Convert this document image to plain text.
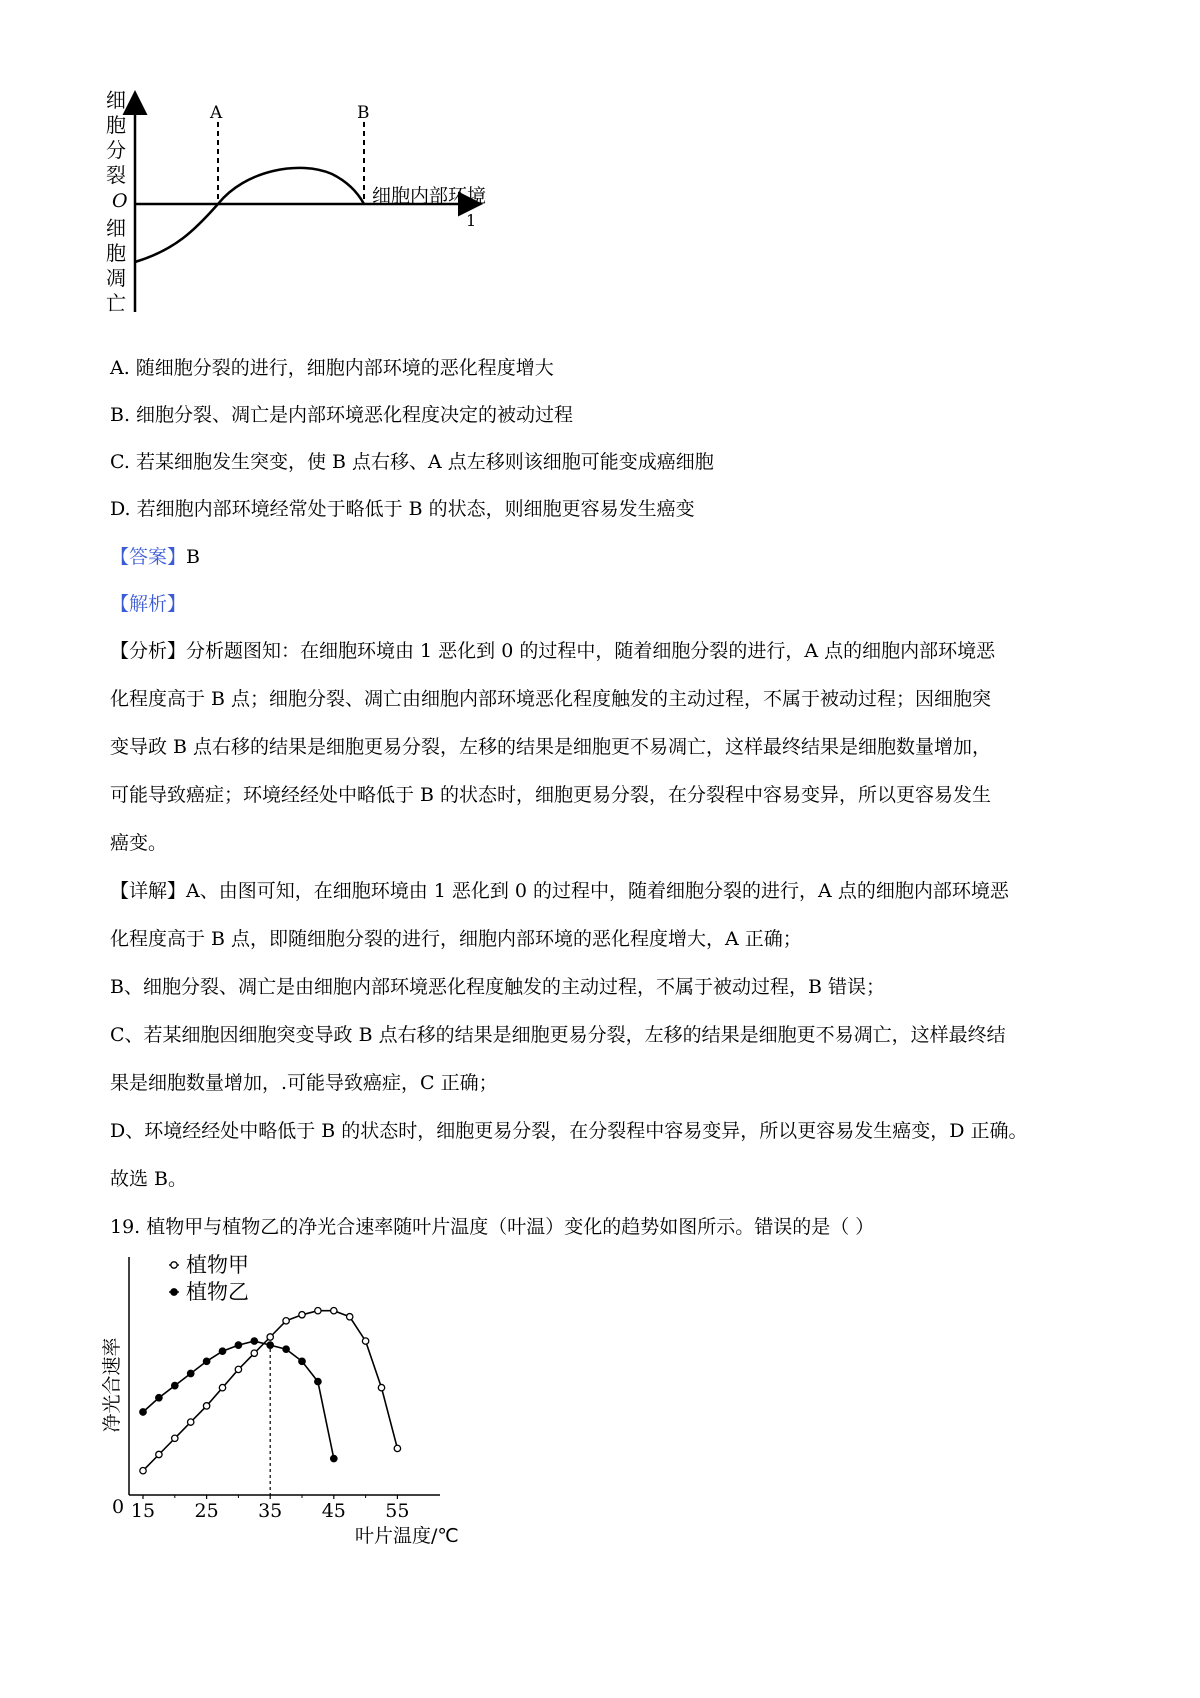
A	B
细
胞
分
裂
O
细
胞
凋
亡
细胞内部环境
1

A. 随细胞分裂的进行，细胞内部环境的恶化程度增大

B. 细胞分裂、凋亡是内部环境恶化程度决定的被动过程

C. 若某细胞发生突变，使 B 点右移、A 点左移则该细胞可能变成癌细胞

D. 若细胞内部环境经常处于略低于 B 的状态，则细胞更容易发生癌变

【答案】B

【解析】

【分析】分析题图知：在细胞环境由 1 恶化到 0 的过程中，随着细胞分裂的进行，A 点的细胞内部环境恶

化程度高于 B 点；细胞分裂、凋亡由细胞内部环境恶化程度触发的主动过程，不属于被动过程；因细胞突

变导政 B 点右移的结果是细胞更易分裂，左移的结果是细胞更不易凋亡，这样最终结果是细胞数量增加，

可能导致癌症；环境经经处中略低于 B 的状态时，细胞更易分裂，在分裂程中容易变异，所以更容易发生

癌变。

【详解】A、由图可知，在细胞环境由 1 恶化到 0 的过程中，随着细胞分裂的进行，A 点的细胞内部环境恶

化程度高于 B 点，即随细胞分裂的进行，细胞内部环境的恶化程度增大，A 正确；

B、细胞分裂、凋亡是由细胞内部环境恶化程度触发的主动过程，不属于被动过程，B 错误；

C、若某细胞因细胞突变导政 B 点右移的结果是细胞更易分裂，左移的结果是细胞更不易凋亡，这样最终结

果是细胞数量增加，.可能导致癌症，C 正确；

D、环境经经处中略低于 B 的状态时，细胞更易分裂，在分裂程中容易变异，所以更容易发生癌变，D 正确。

故选 B。

19. 植物甲与植物乙的净光合速率随叶片温度（叶温）变化的趋势如图所示。错误的是（ ）

15 25 35 45 55
0
叶片温度/℃
净光合速率
植物甲
植物乙
